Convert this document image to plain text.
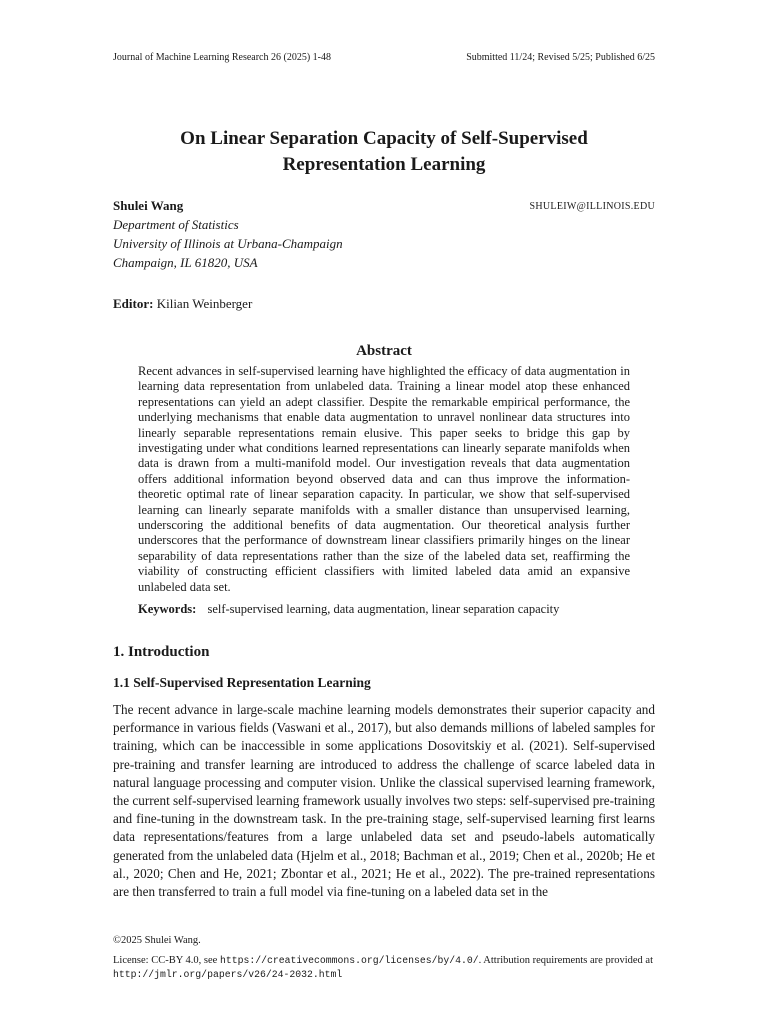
Journal of Machine Learning Research 26 (2025) 1-48	Submitted 11/24; Revised 5/25; Published 6/25
On Linear Separation Capacity of Self-Supervised
Representation Learning
Shulei Wang	SHULEIW@ILLINOIS.EDU
Department of Statistics
University of Illinois at Urbana-Champaign
Champaign, IL 61820, USA
Editor: Kilian Weinberger
Abstract
Recent advances in self-supervised learning have highlighted the efficacy of data augmentation in learning data representation from unlabeled data. Training a linear model atop these enhanced representations can yield an adept classifier. Despite the remarkable empirical performance, the underlying mechanisms that enable data augmentation to unravel nonlinear data structures into linearly separable representations remain elusive. This paper seeks to bridge this gap by investigating under what conditions learned representations can linearly separate manifolds when data is drawn from a multi-manifold model. Our investigation reveals that data augmentation offers additional information beyond observed data and can thus improve the information-theoretic optimal rate of linear separation capacity. In particular, we show that self-supervised learning can linearly separate manifolds with a smaller distance than unsupervised learning, underscoring the additional benefits of data augmentation. Our theoretical analysis further underscores that the performance of downstream linear classifiers primarily hinges on the linear separability of data representations rather than the size of the labeled data set, reaffirming the viability of constructing efficient classifiers with limited labeled data amid an expansive unlabeled data set.
Keywords: self-supervised learning, data augmentation, linear separation capacity
1. Introduction
1.1 Self-Supervised Representation Learning
The recent advance in large-scale machine learning models demonstrates their superior capacity and performance in various fields (Vaswani et al., 2017), but also demands millions of labeled samples for training, which can be inaccessible in some applications Dosovitskiy et al. (2021). Self-supervised pre-training and transfer learning are introduced to address the challenge of scarce labeled data in natural language processing and computer vision. Unlike the classical supervised learning framework, the current self-supervised learning framework usually involves two steps: self-supervised pre-training and fine-tuning in the downstream task. In the pre-training stage, self-supervised learning first learns data representations/features from a large unlabeled data set and pseudo-labels automatically generated from the unlabeled data (Hjelm et al., 2018; Bachman et al., 2019; Chen et al., 2020b; He et al., 2020; Chen and He, 2021; Zbontar et al., 2021; He et al., 2022). The pre-trained representations are then transferred to train a full model via fine-tuning on a labeled data set in the
©2025 Shulei Wang.
License: CC-BY 4.0, see https://creativecommons.org/licenses/by/4.0/. Attribution requirements are provided at http://jmlr.org/papers/v26/24-2032.html
